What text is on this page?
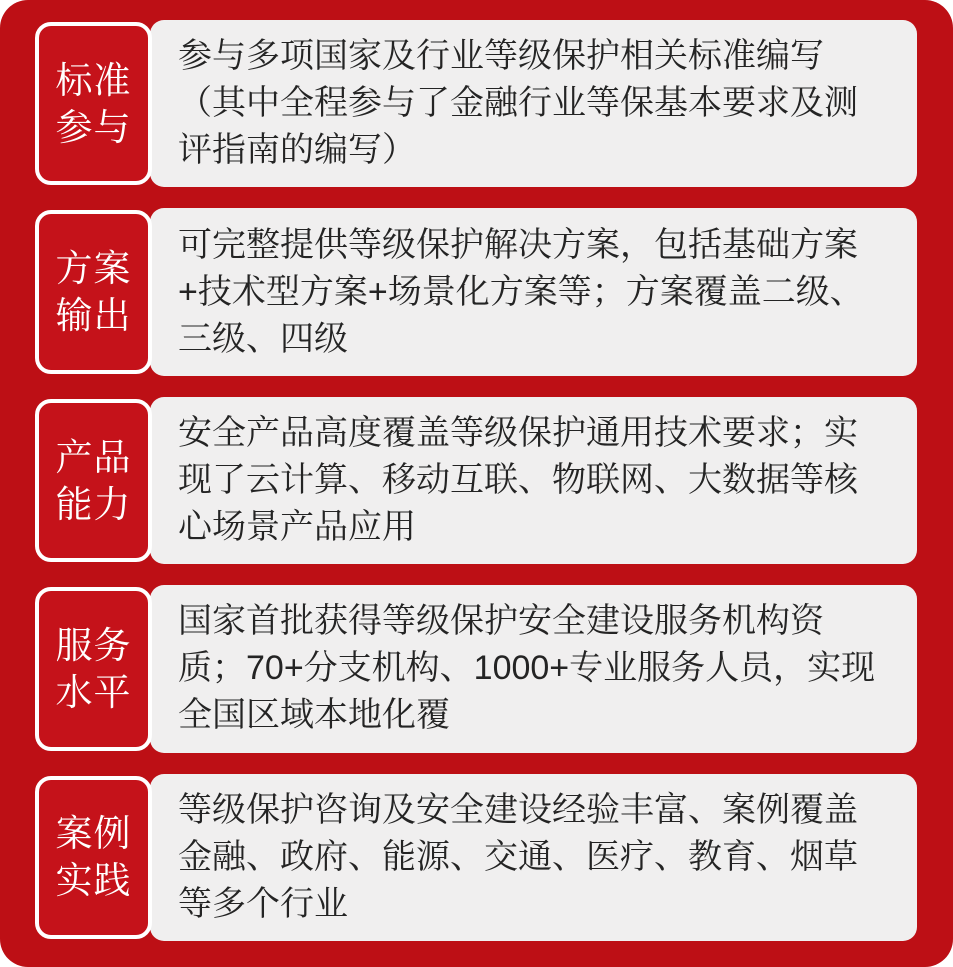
标准
参与

参与多项国家及行业等级保护相关标准编写（其中全程参与了金融行业等保基本要求及测评指南的编写）

方案
输出

可完整提供等级保护解决方案，包括基础方案+技术型方案+场景化方案等；方案覆盖二级、三级、四级

产品
能力

安全产品高度覆盖等级保护通用技术要求；实现了云计算、移动互联、物联网、大数据等核心场景产品应用

服务
水平

国家首批获得等级保护安全建设服务机构资质；70+分支机构、1000+专业服务人员，实现全国区域本地化覆

案例
实践

等级保护咨询及安全建设经验丰富、案例覆盖金融、政府、能源、交通、医疗、教育、烟草等多个行业
